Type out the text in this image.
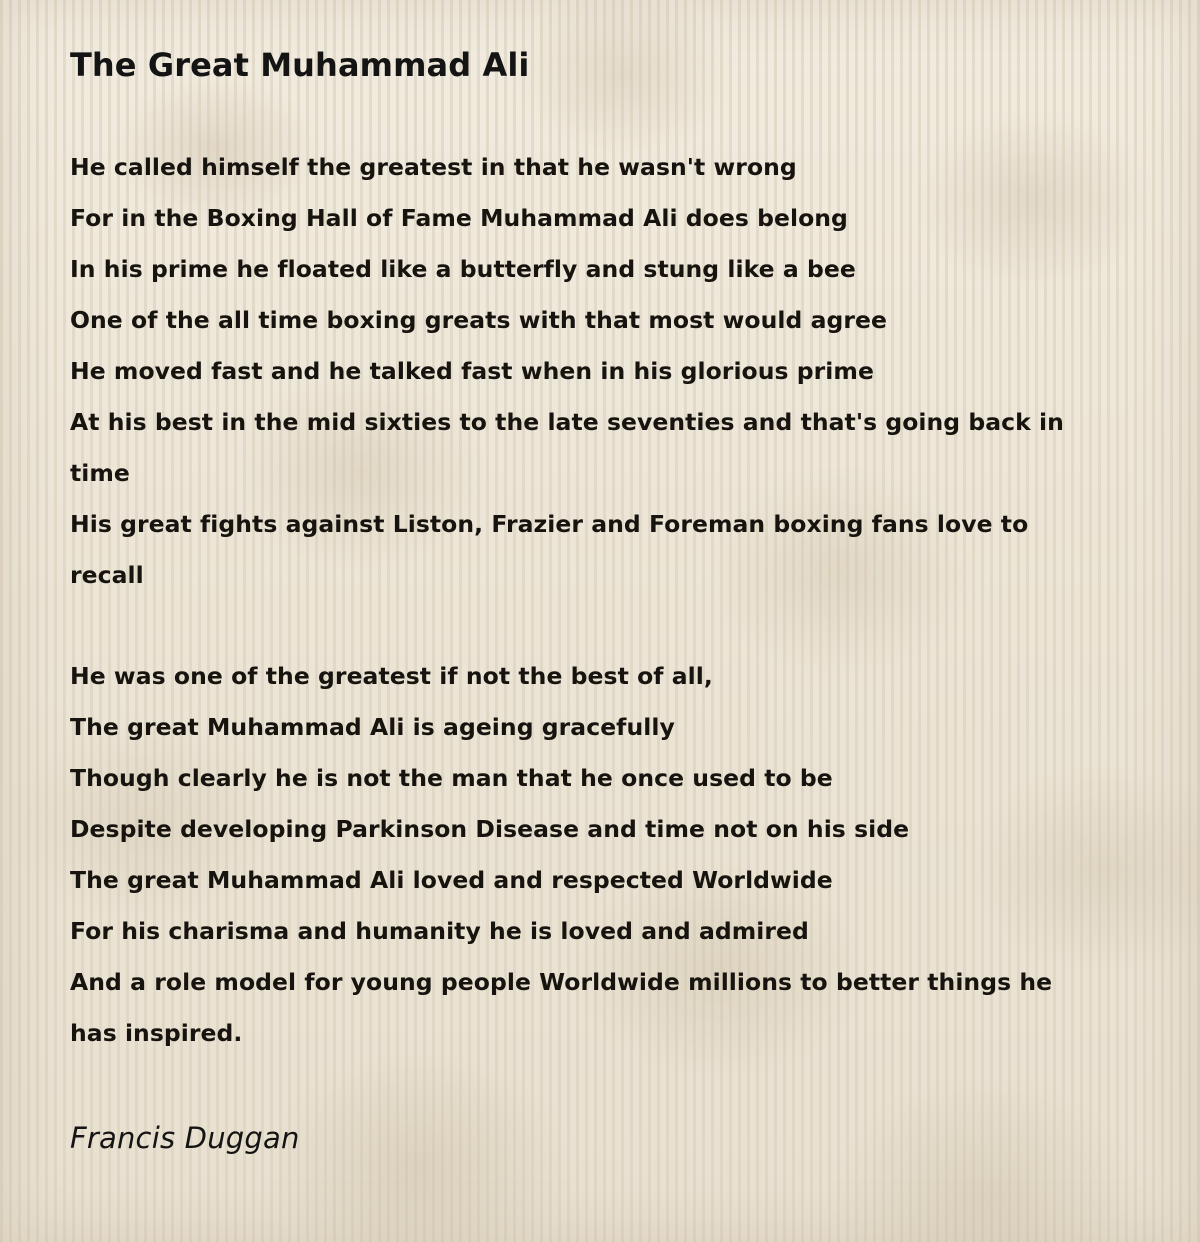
The Great Muhammad Ali
He called himself the greatest in that he wasn't wrong
For in the Boxing Hall of Fame Muhammad Ali does belong
In his prime he floated like a butterfly and stung like a bee
One of the all time boxing greats with that most would agree
He moved fast and he talked fast when in his glorious prime
At his best in the mid sixties to the late seventies and that's going back in time
His great fights against Liston, Frazier and Foreman boxing fans love to recall
He was one of the greatest if not the best of all,
The great Muhammad Ali is ageing gracefully
Though clearly he is not the man that he once used to be
Despite developing Parkinson Disease and time not on his side
The great Muhammad Ali loved and respected Worldwide
For his charisma and humanity he is loved and admired
And a role model for young people Worldwide millions to better things he has inspired.
Francis Duggan
